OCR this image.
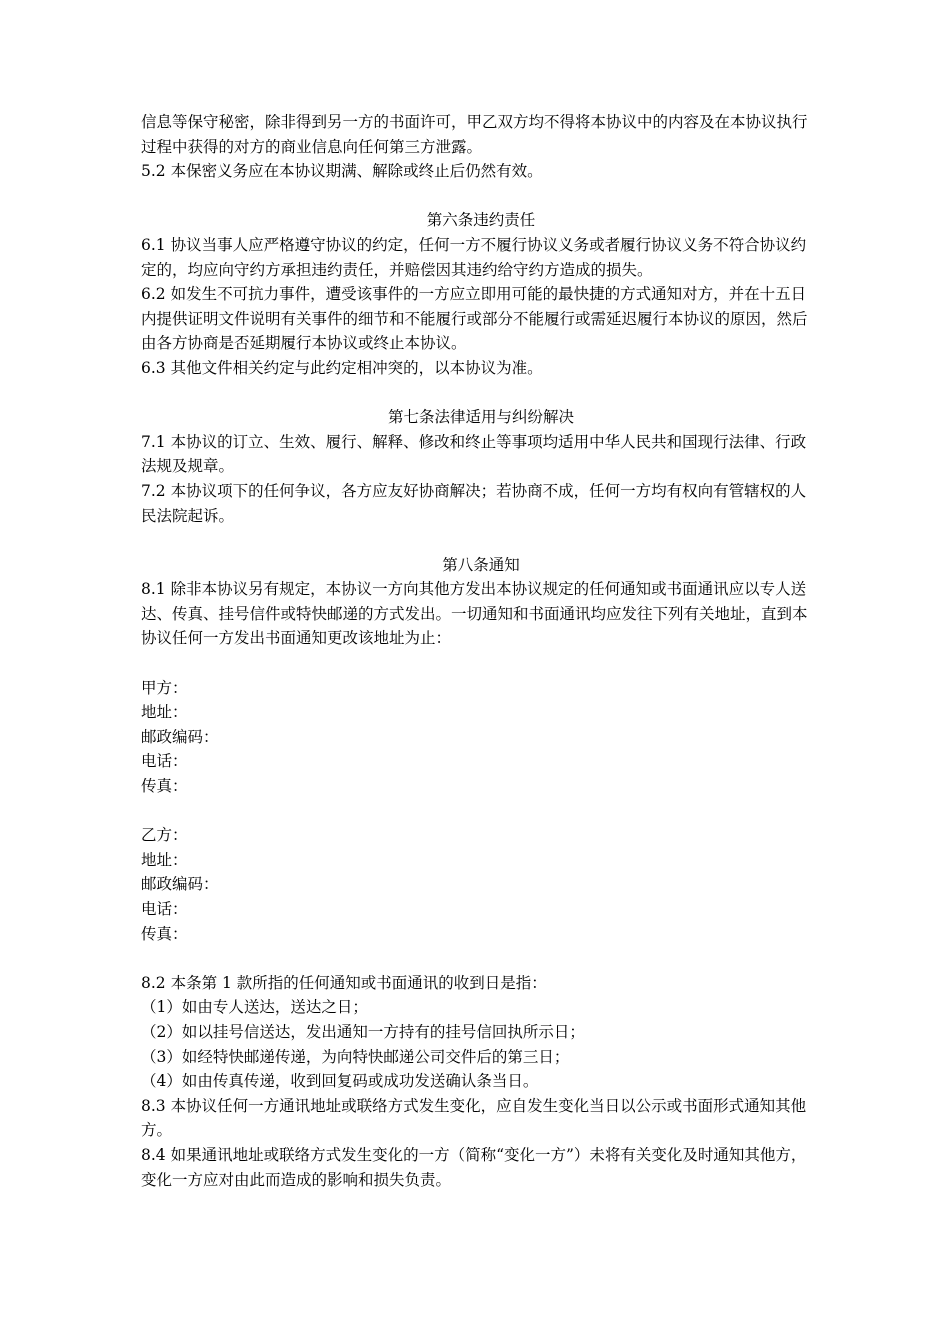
信息等保守秘密，除非得到另一方的书面许可，甲乙双方均不得将本协议中的内容及在本协议执行过程中获得的对方的商业信息向任何第三方泄露。

5.2 本保密义务应在本协议期满、解除或终止后仍然有效。

第六条违约责任

6.1 协议当事人应严格遵守协议的约定，任何一方不履行协议义务或者履行协议义务不符合协议约定的，均应向守约方承担违约责任，并赔偿因其违约给守约方造成的损失。

6.2 如发生不可抗力事件，遭受该事件的一方应立即用可能的最快捷的方式通知对方，并在十五日内提供证明文件说明有关事件的细节和不能履行或部分不能履行或需延迟履行本协议的原因，然后由各方协商是否延期履行本协议或终止本协议。

6.3 其他文件相关约定与此约定相冲突的，以本协议为准。

第七条法律适用与纠纷解决

7.1 本协议的订立、生效、履行、解释、修改和终止等事项均适用中华人民共和国现行法律、行政法规及规章。

7.2 本协议项下的任何争议，各方应友好协商解决；若协商不成，任何一方均有权向有管辖权的人民法院起诉。

第八条通知

8.1 除非本协议另有规定，本协议一方向其他方发出本协议规定的任何通知或书面通讯应以专人送达、传真、挂号信件或特快邮递的方式发出。一切通知和书面通讯均应发往下列有关地址，直到本协议任何一方发出书面通知更改该地址为止：

甲方：

地址：

邮政编码：

电话：

传真：

乙方：

地址：

邮政编码：

电话：

传真：

8.2 本条第 1 款所指的任何通知或书面通讯的收到日是指：

（1）如由专人送达，送达之日；

（2）如以挂号信送达，发出通知一方持有的挂号信回执所示日；

（3）如经特快邮递传递，为向特快邮递公司交件后的第三日；

（4）如由传真传递，收到回复码或成功发送确认条当日。

8.3 本协议任何一方通讯地址或联络方式发生变化，应自发生变化当日以公示或书面形式通知其他方。

8.4 如果通讯地址或联络方式发生变化的一方（简称“变化一方”）未将有关变化及时通知其他方，变化一方应对由此而造成的影响和损失负责。
